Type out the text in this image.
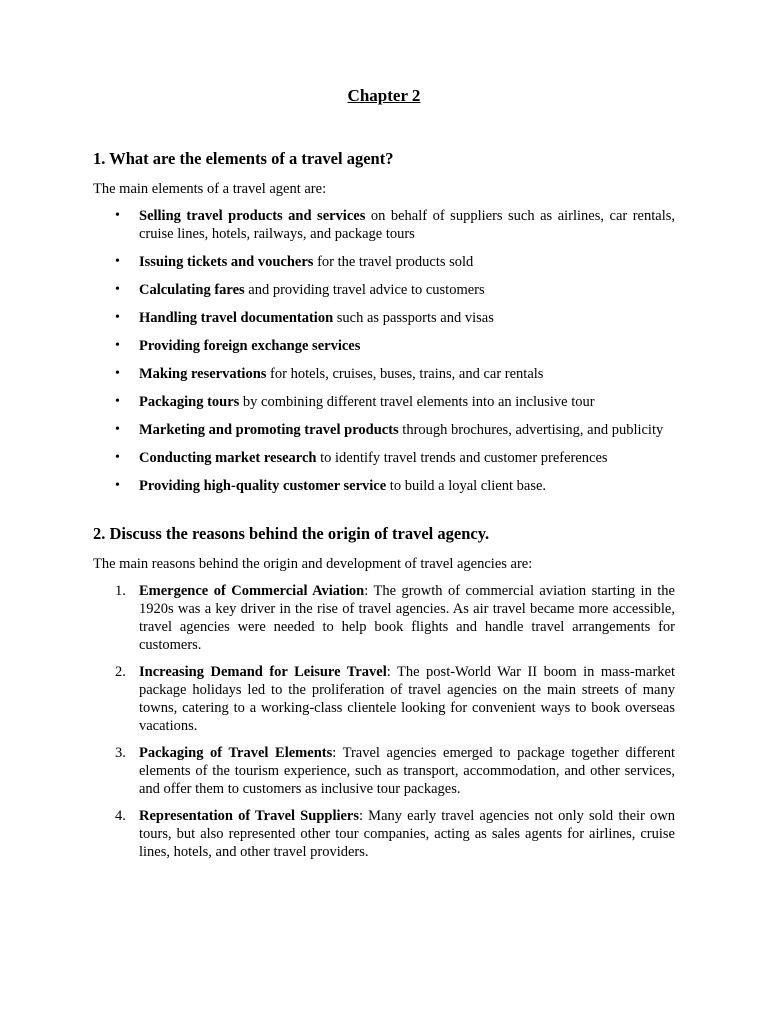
Chapter 2
1. What are the elements of a travel agent?

The main elements of a travel agent are:

• Selling travel products and services on behalf of suppliers such as airlines, car rentals, cruise lines, hotels, railways, and package tours
• Issuing tickets and vouchers for the travel products sold
• Calculating fares and providing travel advice to customers
• Handling travel documentation such as passports and visas
• Providing foreign exchange services
• Making reservations for hotels, cruises, buses, trains, and car rentals
• Packaging tours by combining different travel elements into an inclusive tour
• Marketing and promoting travel products through brochures, advertising, and publicity
• Conducting market research to identify travel trends and customer preferences
• Providing high-quality customer service to build a loyal client base.
2. Discuss the reasons behind the origin of travel agency.

The main reasons behind the origin and development of travel agencies are:

1. Emergence of Commercial Aviation: The growth of commercial aviation starting in the 1920s was a key driver in the rise of travel agencies. As air travel became more accessible, travel agencies were needed to help book flights and handle travel arrangements for customers.
2. Increasing Demand for Leisure Travel: The post-World War II boom in mass-market package holidays led to the proliferation of travel agencies on the main streets of many towns, catering to a working-class clientele looking for convenient ways to book overseas vacations.
3. Packaging of Travel Elements: Travel agencies emerged to package together different elements of the tourism experience, such as transport, accommodation, and other services, and offer them to customers as inclusive tour packages.
4. Representation of Travel Suppliers: Many early travel agencies not only sold their own tours, but also represented other tour companies, acting as sales agents for airlines, cruise lines, hotels, and other travel providers.
